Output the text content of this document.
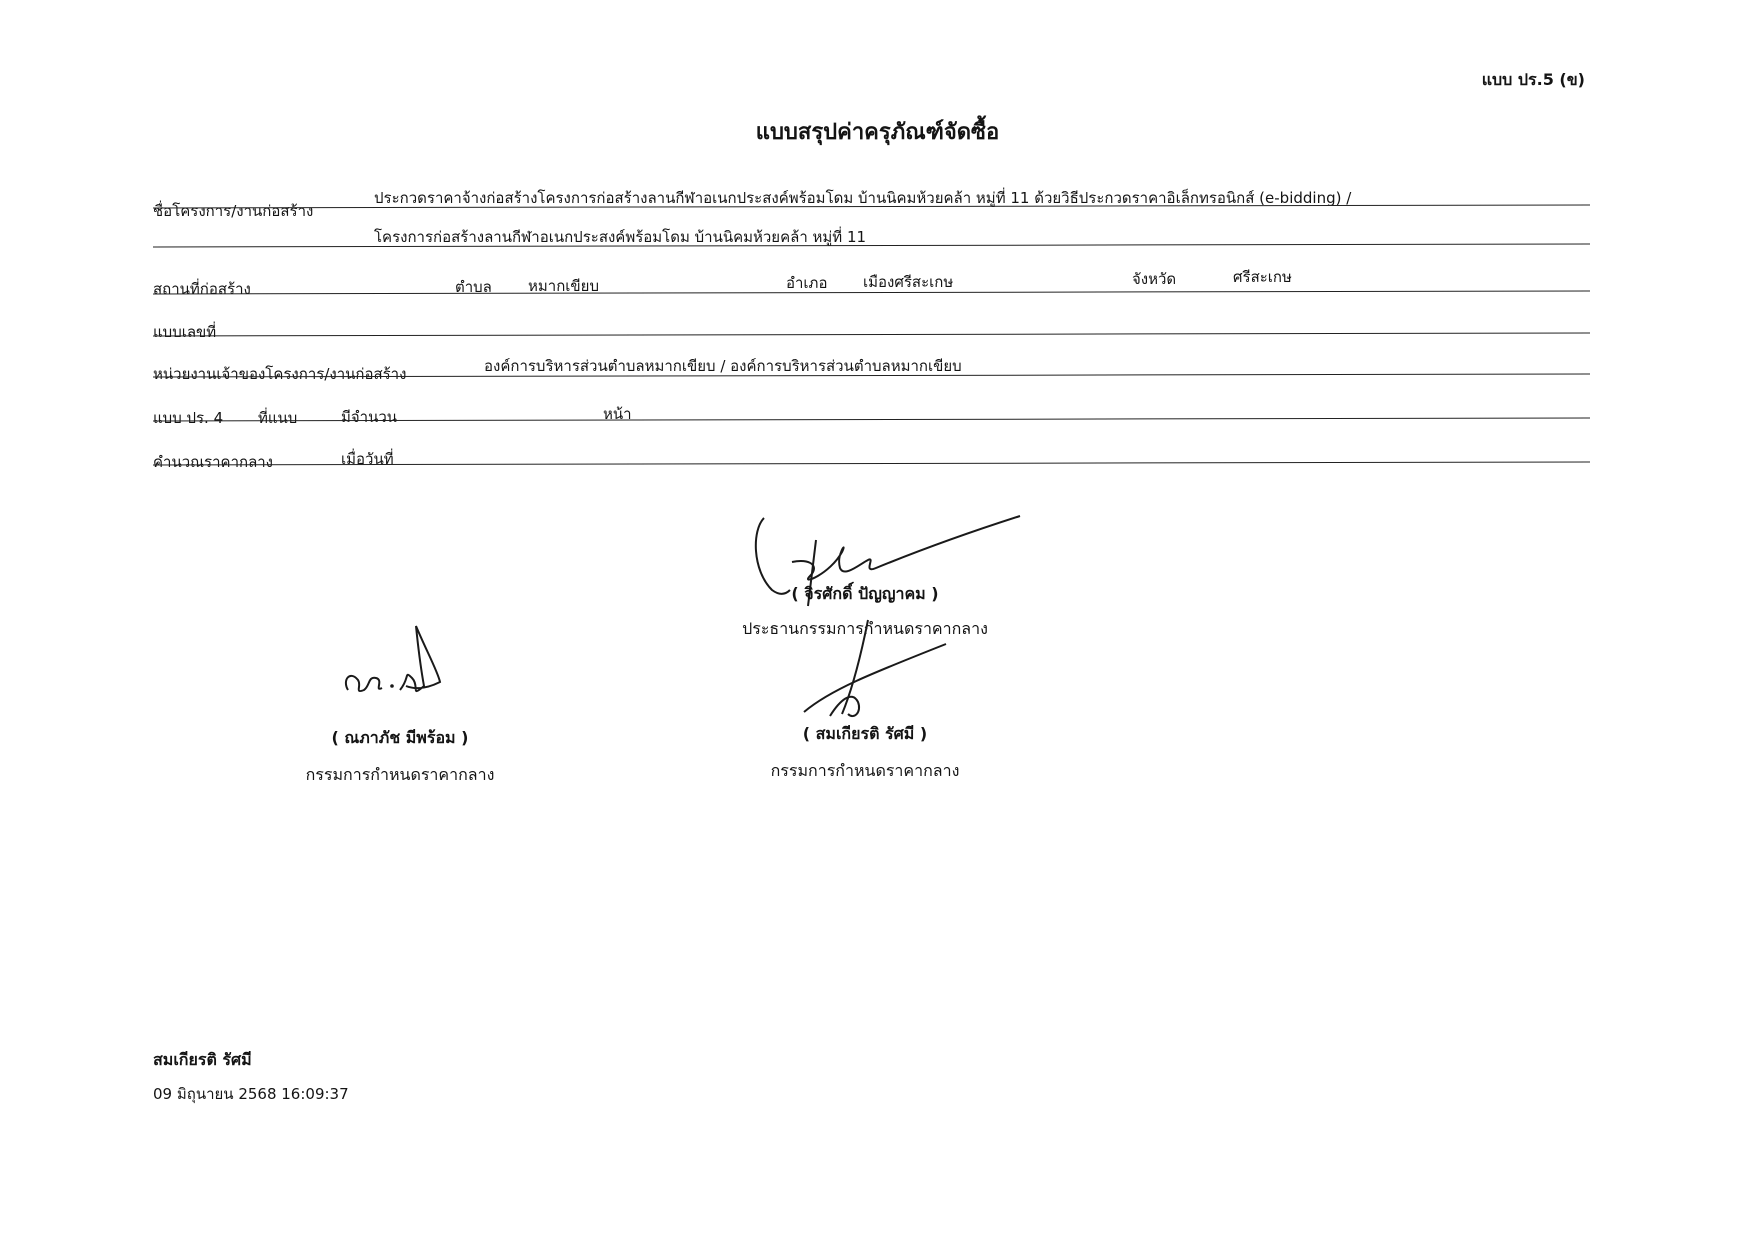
แบบ ปร.5 (ข)
แบบสรุปค่าครุภัณฑ์จัดซื้อ
ชื่อโครงการ/งานก่อสร้าง
ประกวดราคาจ้างก่อสร้างโครงการก่อสร้างลานกีฬาอเนกประสงค์พร้อมโดม บ้านนิคมห้วยคล้า หมู่ที่ 11 ด้วยวิธีประกวดราคาอิเล็กทรอนิกส์ (e-bidding) /
โครงการก่อสร้างลานกีฬาอเนกประสงค์พร้อมโดม บ้านนิคมห้วยคล้า หมู่ที่ 11
สถานที่ก่อสร้าง	ตำบล หมากเขียบ	อำเภอ เมืองศรีสะเกษ	จังหวัด	ศรีสะเกษ
แบบเลขที่
หน่วยงานเจ้าของโครงการ/งานก่อสร้าง	องค์การบริหารส่วนตำบลหมากเขียบ / องค์การบริหารส่วนตำบลหมากเขียบ
แบบ ปร. 4 ที่แนบ	มีจำนวน	หน้า
คำนวณราคากลาง	เมื่อวันที่
( จิรศักดิ์ ปัญญาคม )
ประธานกรรมการกำหนดราคากลาง
( ณภาภัช มีพร้อม )
กรรมการกำหนดราคากลาง
( สมเกียรติ รัศมี )
กรรมการกำหนดราคากลาง
สมเกียรติ รัศมี
09 มิถุนายน 2568 16:09:37
